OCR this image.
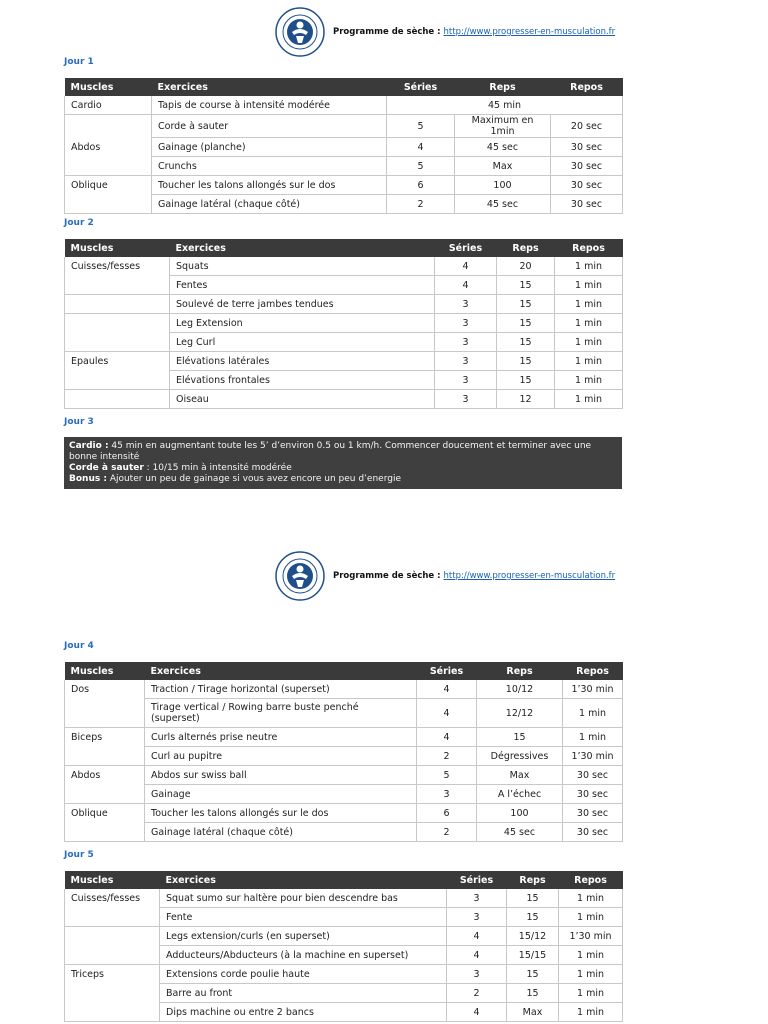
Programme de sèche : http://www.progresser-en-musculation.fr
Jour 1
Muscles	Exercices	Séries	Reps	Repos
Cardio	Tapis de course à intensité modérée	45 min		
	Corde à sauter	5	Maximum en 1min	20 sec
Abdos	Gainage (planche)	4	45 sec	30 sec
	Crunchs	5	Max	30 sec
Oblique	Toucher les talons allongés sur le dos	6	100	30 sec
	Gainage latéral (chaque côté)	2	45 sec	30 sec
Jour 2
Muscles	Exercices	Séries	Reps	Repos
Cuisses/fesses	Squats	4	20	1 min
	Fentes	4	15	1 min
	Soulevé de terre jambes tendues	3	15	1 min
	Leg Extension	3	15	1 min
	Leg Curl	3	15	1 min
Epaules	Elévations latérales	3	15	1 min
	Elévations frontales	3	15	1 min
	Oiseau	3	12	1 min
Jour 3
Cardio : 45 min en augmentant toute les 5’ d’environ 0.5 ou 1 km/h. Commencer doucement et terminer avec une bonne intensité
Corde à sauter : 10/15 min à intensité modérée
Bonus : Ajouter un peu de gainage si vous avez encore un peu d’energie
Programme de sèche : http://www.progresser-en-musculation.fr
Jour 4
Muscles	Exercices	Séries	Reps	Repos
Dos	Traction / Tirage horizontal (superset)	4	10/12	1’30 min
	Tirage vertical / Rowing barre buste penché (superset)	4	12/12	1 min
Biceps	Curls alternés prise neutre	4	15	1 min
	Curl au pupitre	2	Dégressives	1’30 min
Abdos	Abdos sur swiss ball	5	Max	30 sec
	Gainage	3	A l’échec	30 sec
Oblique	Toucher les talons allongés sur le dos	6	100	30 sec
	Gainage latéral (chaque côté)	2	45 sec	30 sec
Jour 5
Muscles	Exercices	Séries	Reps	Repos
Cuisses/fesses	Squat sumo sur haltère pour bien descendre bas	3	15	1 min
	Fente	3	15	1 min
	Legs extension/curls (en superset)	4	15/12	1’30 min
	Adducteurs/Abducteurs (à la machine en superset)	4	15/15	1 min
Triceps	Extensions corde poulie haute	3	15	1 min
	Barre au front	2	15	1 min
	Dips machine ou entre 2 bancs	4	Max	1 min
